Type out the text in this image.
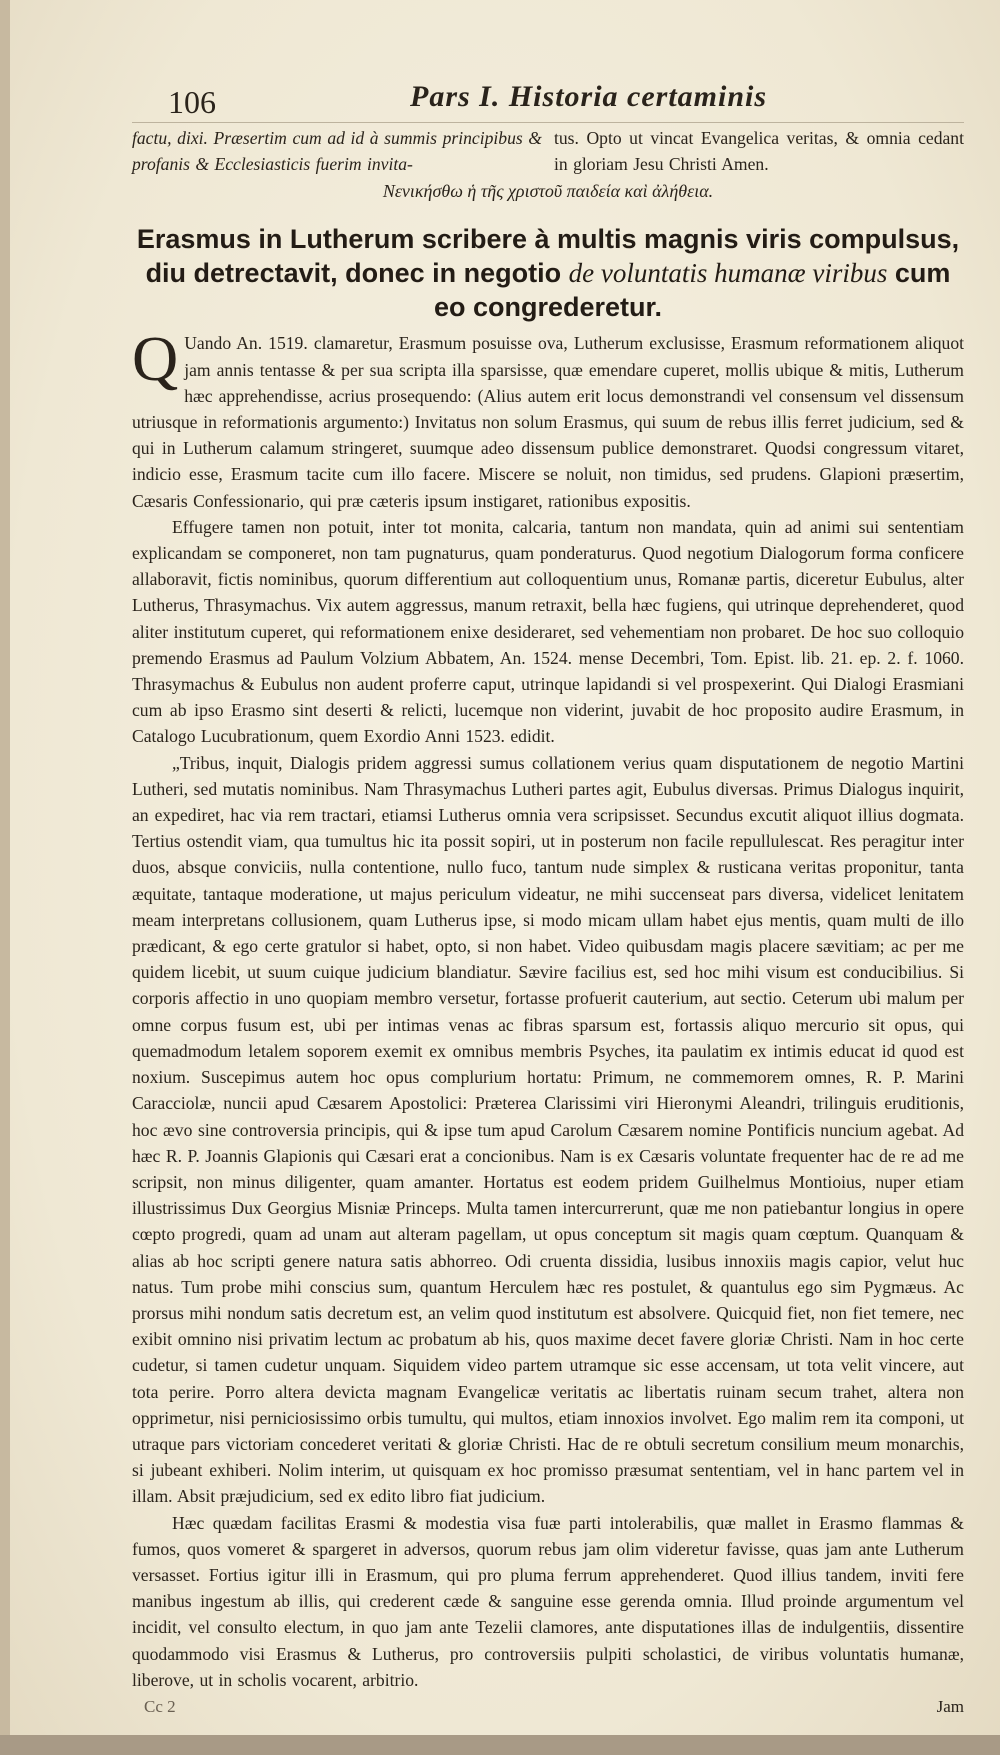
106	Pars I. Historia certaminis

factu, dixi. Præsertim cum ad id à summis principibus & profanis & Ecclesiasticis fuerim invita-

tus. Opto ut vincat Evangelica veritas, & omnia cedant in gloriam Jesu Christi Amen.

Νενικήσθω ἡ τῆς χριστοῦ παιδεία καὶ ἀλήθεια.
Erasmus in Lutherum scribere à multis magnis viris compulsus, diu detrectavit, donec in negotio de voluntatis humanæ viribus cum eo congrederetur.

Q Uando An. 1519. clamaretur, Erasmum posuisse ova, Lutherum exclusisse, Erasmum reformationem aliquot jam annis tentasse & per sua scripta illa sparsisse, quæ emendare cuperet, mollis ubique & mitis, Lutherum hæc apprehendisse, acrius prosequendo: (Alius autem erit locus demonstrandi vel consensum vel dissensum utriusque in reformationis argumento:) Invitatus non solum Erasmus, qui suum de rebus illis ferret judicium, sed & qui in Lutherum calamum stringeret, suumque adeo dissensum publice demonstraret. Quodsi congressum vitaret, indicio esse, Erasmum tacite cum illo facere. Miscere se noluit, non timidus, sed prudens. Glapioni præsertim, Cæsaris Confessionario, qui præ cæteris ipsum instigaret, rationibus expositis.

Effugere tamen non potuit, inter tot monita, calcaria, tantum non mandata, quin ad animi sui sententiam explicandam se componeret, non tam pugnaturus, quam ponderaturus. Quod negotium Dialogorum forma conficere allaboravit, fictis nominibus, quorum differentium aut colloquentium unus, Romanæ partis, diceretur Eubulus, alter Lutherus, Thrasymachus. Vix autem aggressus, manum retraxit, bella hæc fugiens, qui utrinque deprehenderet, quod aliter institutum cuperet, qui reformationem enixe desideraret, sed vehementiam non probaret. De hoc suo colloquio premendo Erasmus ad Paulum Volzium Abbatem, An. 1524. mense Decembri, Tom. Epist. lib. 21. ep. 2. f. 1060. Thrasymachus & Eubulus non audent proferre caput, utrinque lapidandi si vel prospexerint. Qui Dialogi Erasmiani cum ab ipso Erasmo sint deserti & relicti, lucemque non viderint, juvabit de hoc proposito audire Erasmum, in Catalogo Lucubrationum, quem Exordio Anni 1523. edidit.

„Tribus, inquit, Dialogis pridem aggressi sumus collationem verius quam disputationem de negotio Martini Lutheri, sed mutatis nominibus. Nam Thrasymachus Lutheri partes agit, Eubulus diversas. Primus Dialogus inquirit, an expediret, hac via rem tractari, etiamsi Lutherus omnia vera scripsisset. Secundus excutit aliquot illius dogmata. Tertius ostendit viam, qua tumultus hic ita possit sopiri, ut in posterum non facile repullulescat. Res peragitur inter duos, absque conviciis, nulla contentione, nullo fuco, tantum nude simplex & rusticana veritas proponitur, tanta æquitate, tantaque moderatione, ut majus periculum videatur, ne mihi succenseat pars diversa, videlicet lenitatem meam interpretans collusionem, quam Lutherus ipse, si modo micam ullam habet ejus mentis, quam multi de illo prædicant, & ego certe gratulor si habet, opto, si non habet. Video quibusdam magis placere sævitiam; ac per me quidem licebit, ut suum cuique judicium blandiatur. Sævire facilius est, sed hoc mihi visum est conducibilius. Si corporis affectio in uno quopiam membro versetur, fortasse profuerit cauterium, aut sectio. Ceterum ubi malum per omne corpus fusum est, ubi per intimas venas ac fibras sparsum est, fortassis aliquo mercurio sit opus, qui quemadmodum letalem soporem exemit ex omnibus membris Psyches, ita paulatim ex intimis educat id quod est noxium. Suscepimus autem hoc opus complurium hortatu: Primum, ne commemorem omnes, R. P. Marini Caracciolæ, nuncii apud Cæsarem Apostolici: Præterea Clarissimi viri Hieronymi Aleandri, trilinguis eruditionis, hoc ævo sine controversia principis, qui & ipse tum apud Carolum Cæsarem nomine Pontificis nuncium agebat. Ad hæc R. P. Joannis Glapionis qui Cæsari erat a concionibus. Nam is ex Cæsaris voluntate frequenter hac de re ad me scripsit, non minus diligenter, quam amanter. Hortatus est eodem pridem Guilhelmus Montioius, nuper etiam illustrissimus Dux Georgius Misniæ Princeps. Multa tamen intercurrerunt, quæ me non patiebantur longius in opere cœpto progredi, quam ad unam aut alteram pagellam, ut opus conceptum sit magis quam cœptum. Quanquam & alias ab hoc scripti genere natura satis abhorreo. Odi cruenta dissidia, lusibus innoxiis magis capior, velut huc natus. Tum probe mihi conscius sum, quantum Herculem hæc res postulet, & quantulus ego sim Pygmæus. Ac prorsus mihi nondum satis decretum est, an velim quod institutum est absolvere. Quicquid fiet, non fiet temere, nec exibit omnino nisi privatim lectum ac probatum ab his, quos maxime decet favere gloriæ Christi. Nam in hoc certe cudetur, si tamen cudetur unquam. Siquidem video partem utramque sic esse accensam, ut tota velit vincere, aut tota perire. Porro altera devicta magnam Evangelicæ veritatis ac libertatis ruinam secum trahet, altera non opprimetur, nisi perniciosissimo orbis tumultu, qui multos, etiam innoxios involvet. Ego malim rem ita componi, ut utraque pars victoriam concederet veritati & gloriæ Christi. Hac de re obtuli secretum consilium meum monarchis, si jubeant exhiberi. Nolim interim, ut quisquam ex hoc promisso præsumat sententiam, vel in hanc partem vel in illam. Absit præjudicium, sed ex edito libro fiat judicium.

Hæc quædam facilitas Erasmi & modestia visa fuæ parti intolerabilis, quæ mallet in Erasmo flammas & fumos, quos vomeret & spargeret in adversos, quorum rebus jam olim videretur favisse, quas jam ante Lutherum versasset. Fortius igitur illi in Erasmum, qui pro pluma ferrum apprehenderet. Quod illius tandem, inviti fere manibus ingestum ab illis, qui crederent cæde & sanguine esse gerenda omnia. Illud proinde argumentum vel incidit, vel consulto electum, in quo jam ante Tezelii clamores, ante disputationes illas de indulgentiis, dissentire quodammodo visi Erasmus & Lutherus, pro controversiis pulpiti scholastici, de viribus voluntatis humanæ, liberove, ut in scholis vocarent, arbitrio.

Cc 2	Jam
